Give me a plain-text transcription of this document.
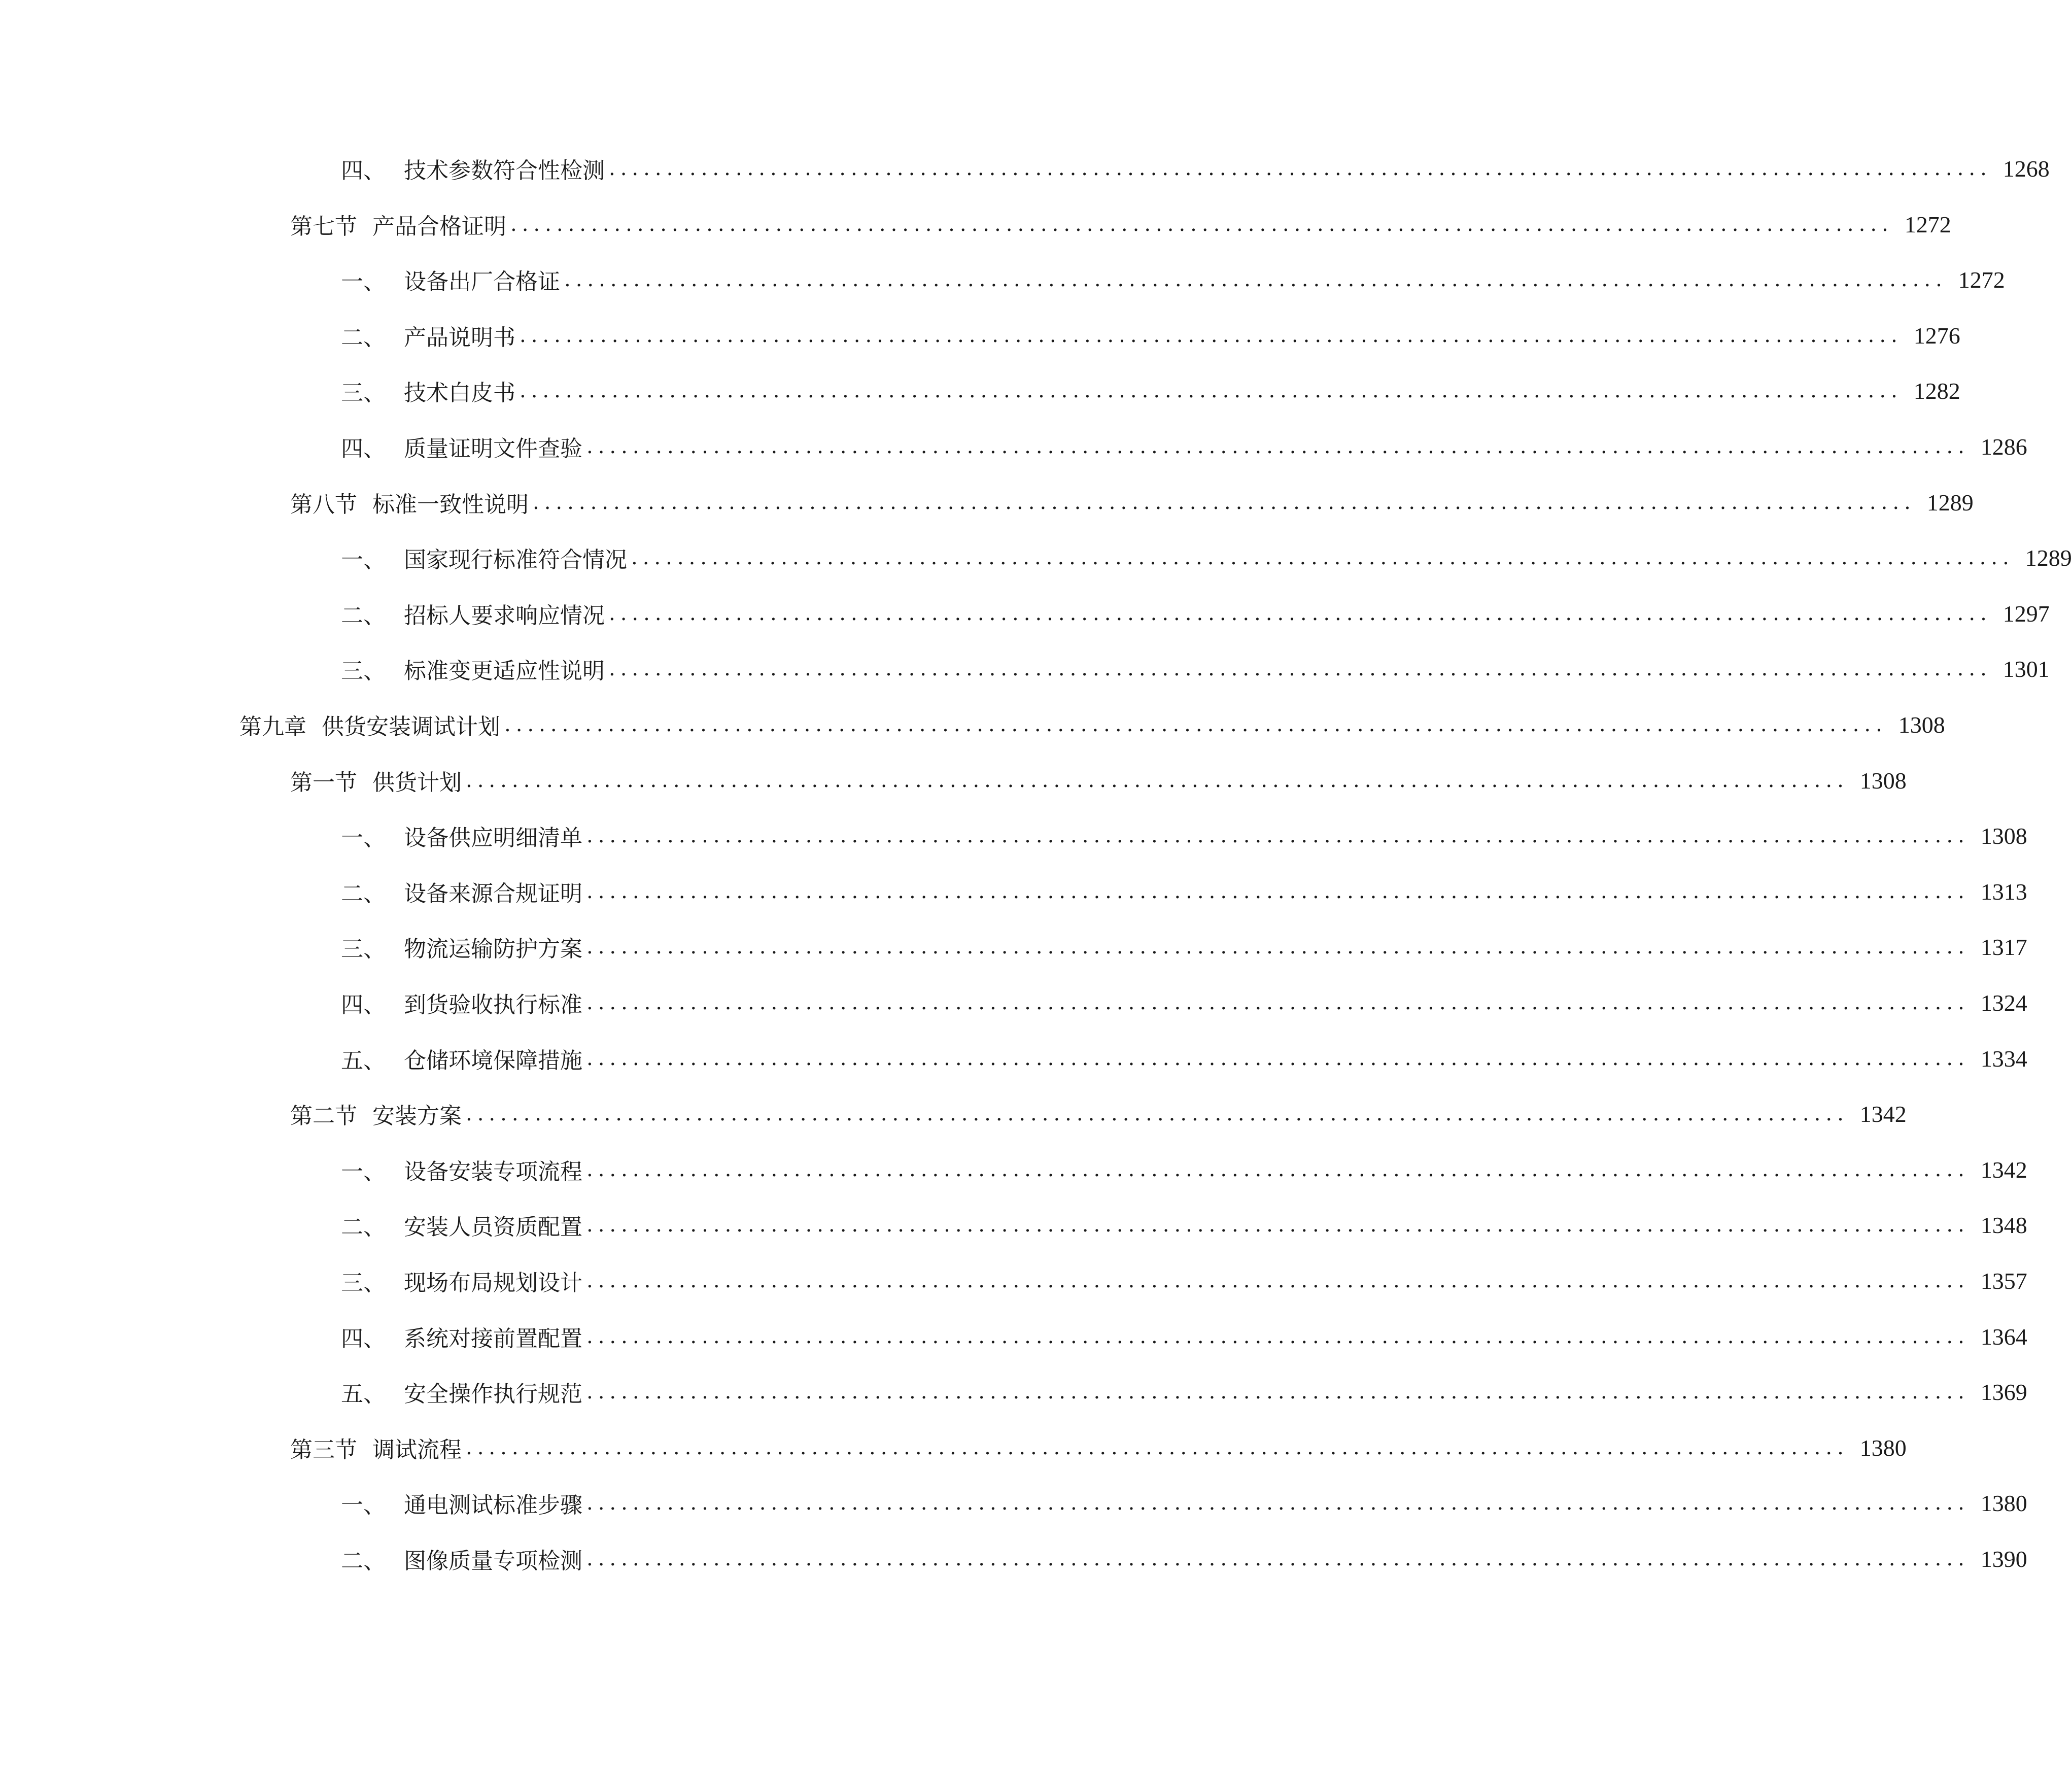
四、 技术参数符合性检测 ........................................................................................................................ 1268
第七节 产品合格证明 ........................................................................................................................ 1272
一、 设备出厂合格证 ........................................................................................................................ 1272
二、 产品说明书 ........................................................................................................................ 1276
三、 技术白皮书 ........................................................................................................................ 1282
四、 质量证明文件查验 ........................................................................................................................ 1286
第八节 标准一致性说明 ........................................................................................................................ 1289
一、 国家现行标准符合情况 ........................................................................................................................ 1289
二、 招标人要求响应情况 ........................................................................................................................ 1297
三、 标准变更适应性说明 ........................................................................................................................ 1301
第九章 供货安装调试计划 ........................................................................................................................ 1308
第一节 供货计划 ........................................................................................................................ 1308
一、 设备供应明细清单 ........................................................................................................................ 1308
二、 设备来源合规证明 ........................................................................................................................ 1313
三、 物流运输防护方案 ........................................................................................................................ 1317
四、 到货验收执行标准 ........................................................................................................................ 1324
五、 仓储环境保障措施 ........................................................................................................................ 1334
第二节 安装方案 ........................................................................................................................ 1342
一、 设备安装专项流程 ........................................................................................................................ 1342
二、 安装人员资质配置 ........................................................................................................................ 1348
三、 现场布局规划设计 ........................................................................................................................ 1357
四、 系统对接前置配置 ........................................................................................................................ 1364
五、 安全操作执行规范 ........................................................................................................................ 1369
第三节 调试流程 ........................................................................................................................ 1380
一、 通电测试标准步骤 ........................................................................................................................ 1380
二、 图像质量专项检测 ........................................................................................................................ 1390
